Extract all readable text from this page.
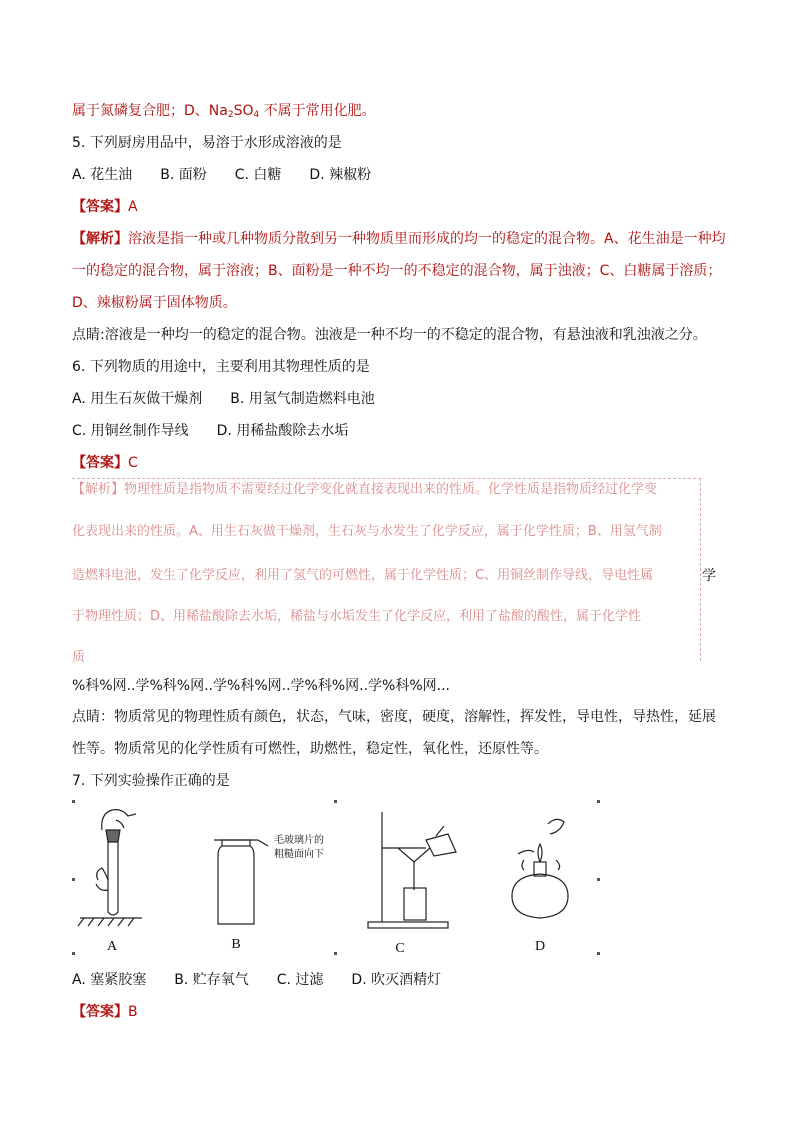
属于氮磷复合肥；D、$Na_2SO_4$ 不属于常用化肥。
5. 下列厨房用品中，易溶于水形成溶液的是
A. 花生油　　B. 面粉　　C. 白糖　　D. 辣椒粉
【答案】A
【解析】溶液是指一种或几种物质分散到另一种物质里而形成的均一的稳定的混合物。A、花生油是一种均
一的稳定的混合物，属于溶液；B、面粉是一种不均一的不稳定的混合物，属于浊液；C、白糖属于溶质；
D、辣椒粉属于固体物质。
点睛:溶液是一种均一的稳定的混合物。浊液是一种不均一的不稳定的混合物，有悬浊液和乳浊液之分。
6. 下列物质的用途中，主要利用其物理性质的是
A. 用生石灰做干燥剂　　B. 用氢气制造燃料电池
C. 用铜丝制作导线　　D. 用稀盐酸除去水垢
【答案】C
【解析】物理性质是指物质不需要经过化学变化就直接表现出来的性质。化学性质是指物质经过化学变
化表现出来的性质。A、用生石灰做干燥剂，生石灰与水发生了化学反应，属于化学性质；B、用氢气制
造燃料电池，发生了化学反应，利用了氢气的可燃性，属于化学性质；C、用铜丝制作导线，导电性属	学
于物理性质；D、用稀盐酸除去水垢，稀盐与水垢发生了化学反应，利用了盐酸的酸性，属于化学性
质
%科%网..学%科%网..学%科%网..学%科%网..学%科%网...
点睛：物质常见的物理性质有颜色，状态，气味，密度，硬度，溶解性，挥发性，导电性，导热性，延展
性等。物质常见的化学性质有可燃性，助燃性，稳定性，氧化性，还原性等。
7. 下列实验操作正确的是
毛玻璃片的
粗糙面向下
A	B	C	D
A. 塞紧胶塞　　B. 贮存氧气　　C. 过滤　　D. 吹灭酒精灯
【答案】B
